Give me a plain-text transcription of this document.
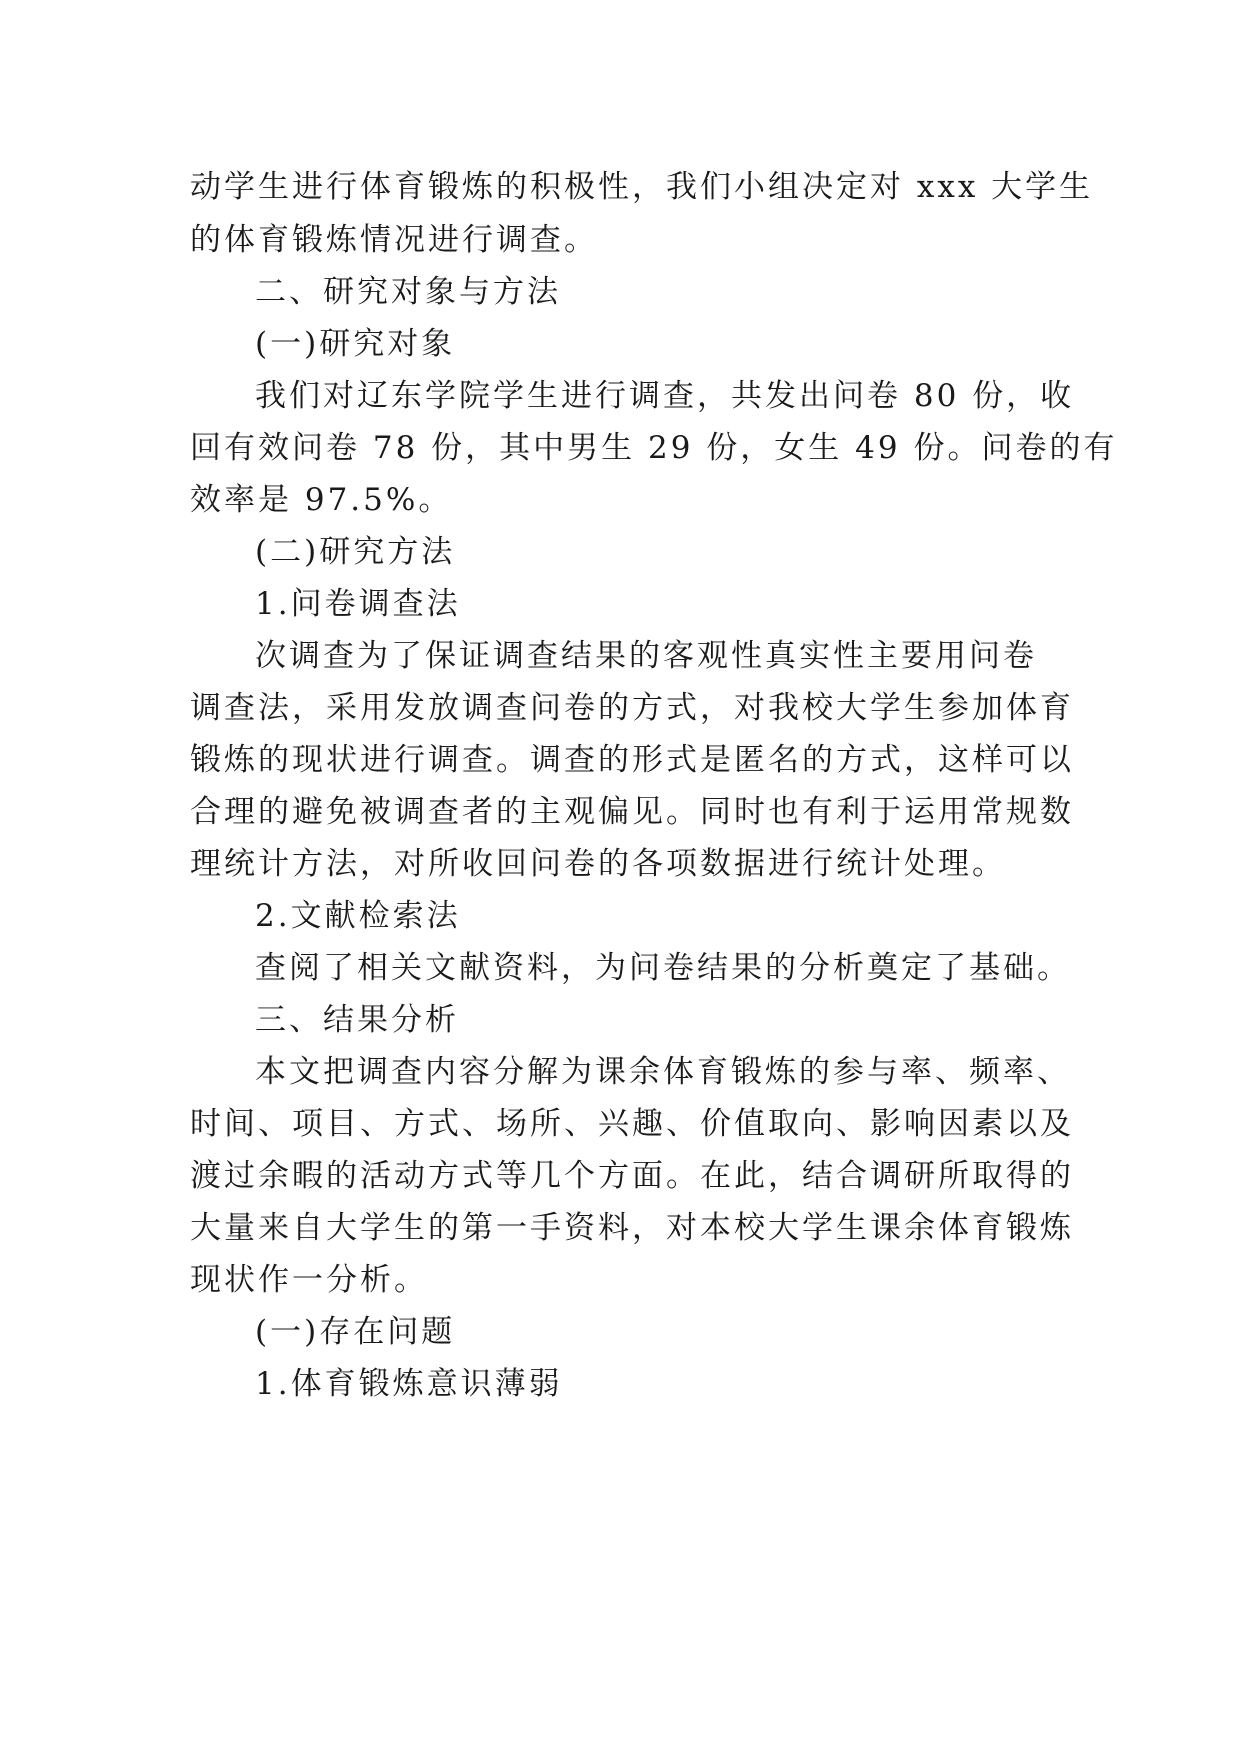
动学生进行体育锻炼的积极性，我们小组决定对 xxx 大学生
的体育锻炼情况进行调查。
二、研究对象与方法
(一)研究对象
我们对辽东学院学生进行调查，共发出问卷 80 份，收
回有效问卷 78 份，其中男生 29 份，女生 49 份。问卷的有
效率是 97.5%。
(二)研究方法
1.问卷调查法
次调查为了保证调查结果的客观性真实性主要用问卷
调查法，采用发放调查问卷的方式，对我校大学生参加体育
锻炼的现状进行调查。调查的形式是匿名的方式，这样可以
合理的避免被调查者的主观偏见。同时也有利于运用常规数
理统计方法，对所收回问卷的各项数据进行统计处理。
2.文献检索法
查阅了相关文献资料，为问卷结果的分析奠定了基础。
三、结果分析
本文把调查内容分解为课余体育锻炼的参与率、频率、
时间、项目、方式、场所、兴趣、价值取向、影响因素以及
渡过余暇的活动方式等几个方面。在此，结合调研所取得的
大量来自大学生的第一手资料，对本校大学生课余体育锻炼
现状作一分析。
(一)存在问题
1.体育锻炼意识薄弱
